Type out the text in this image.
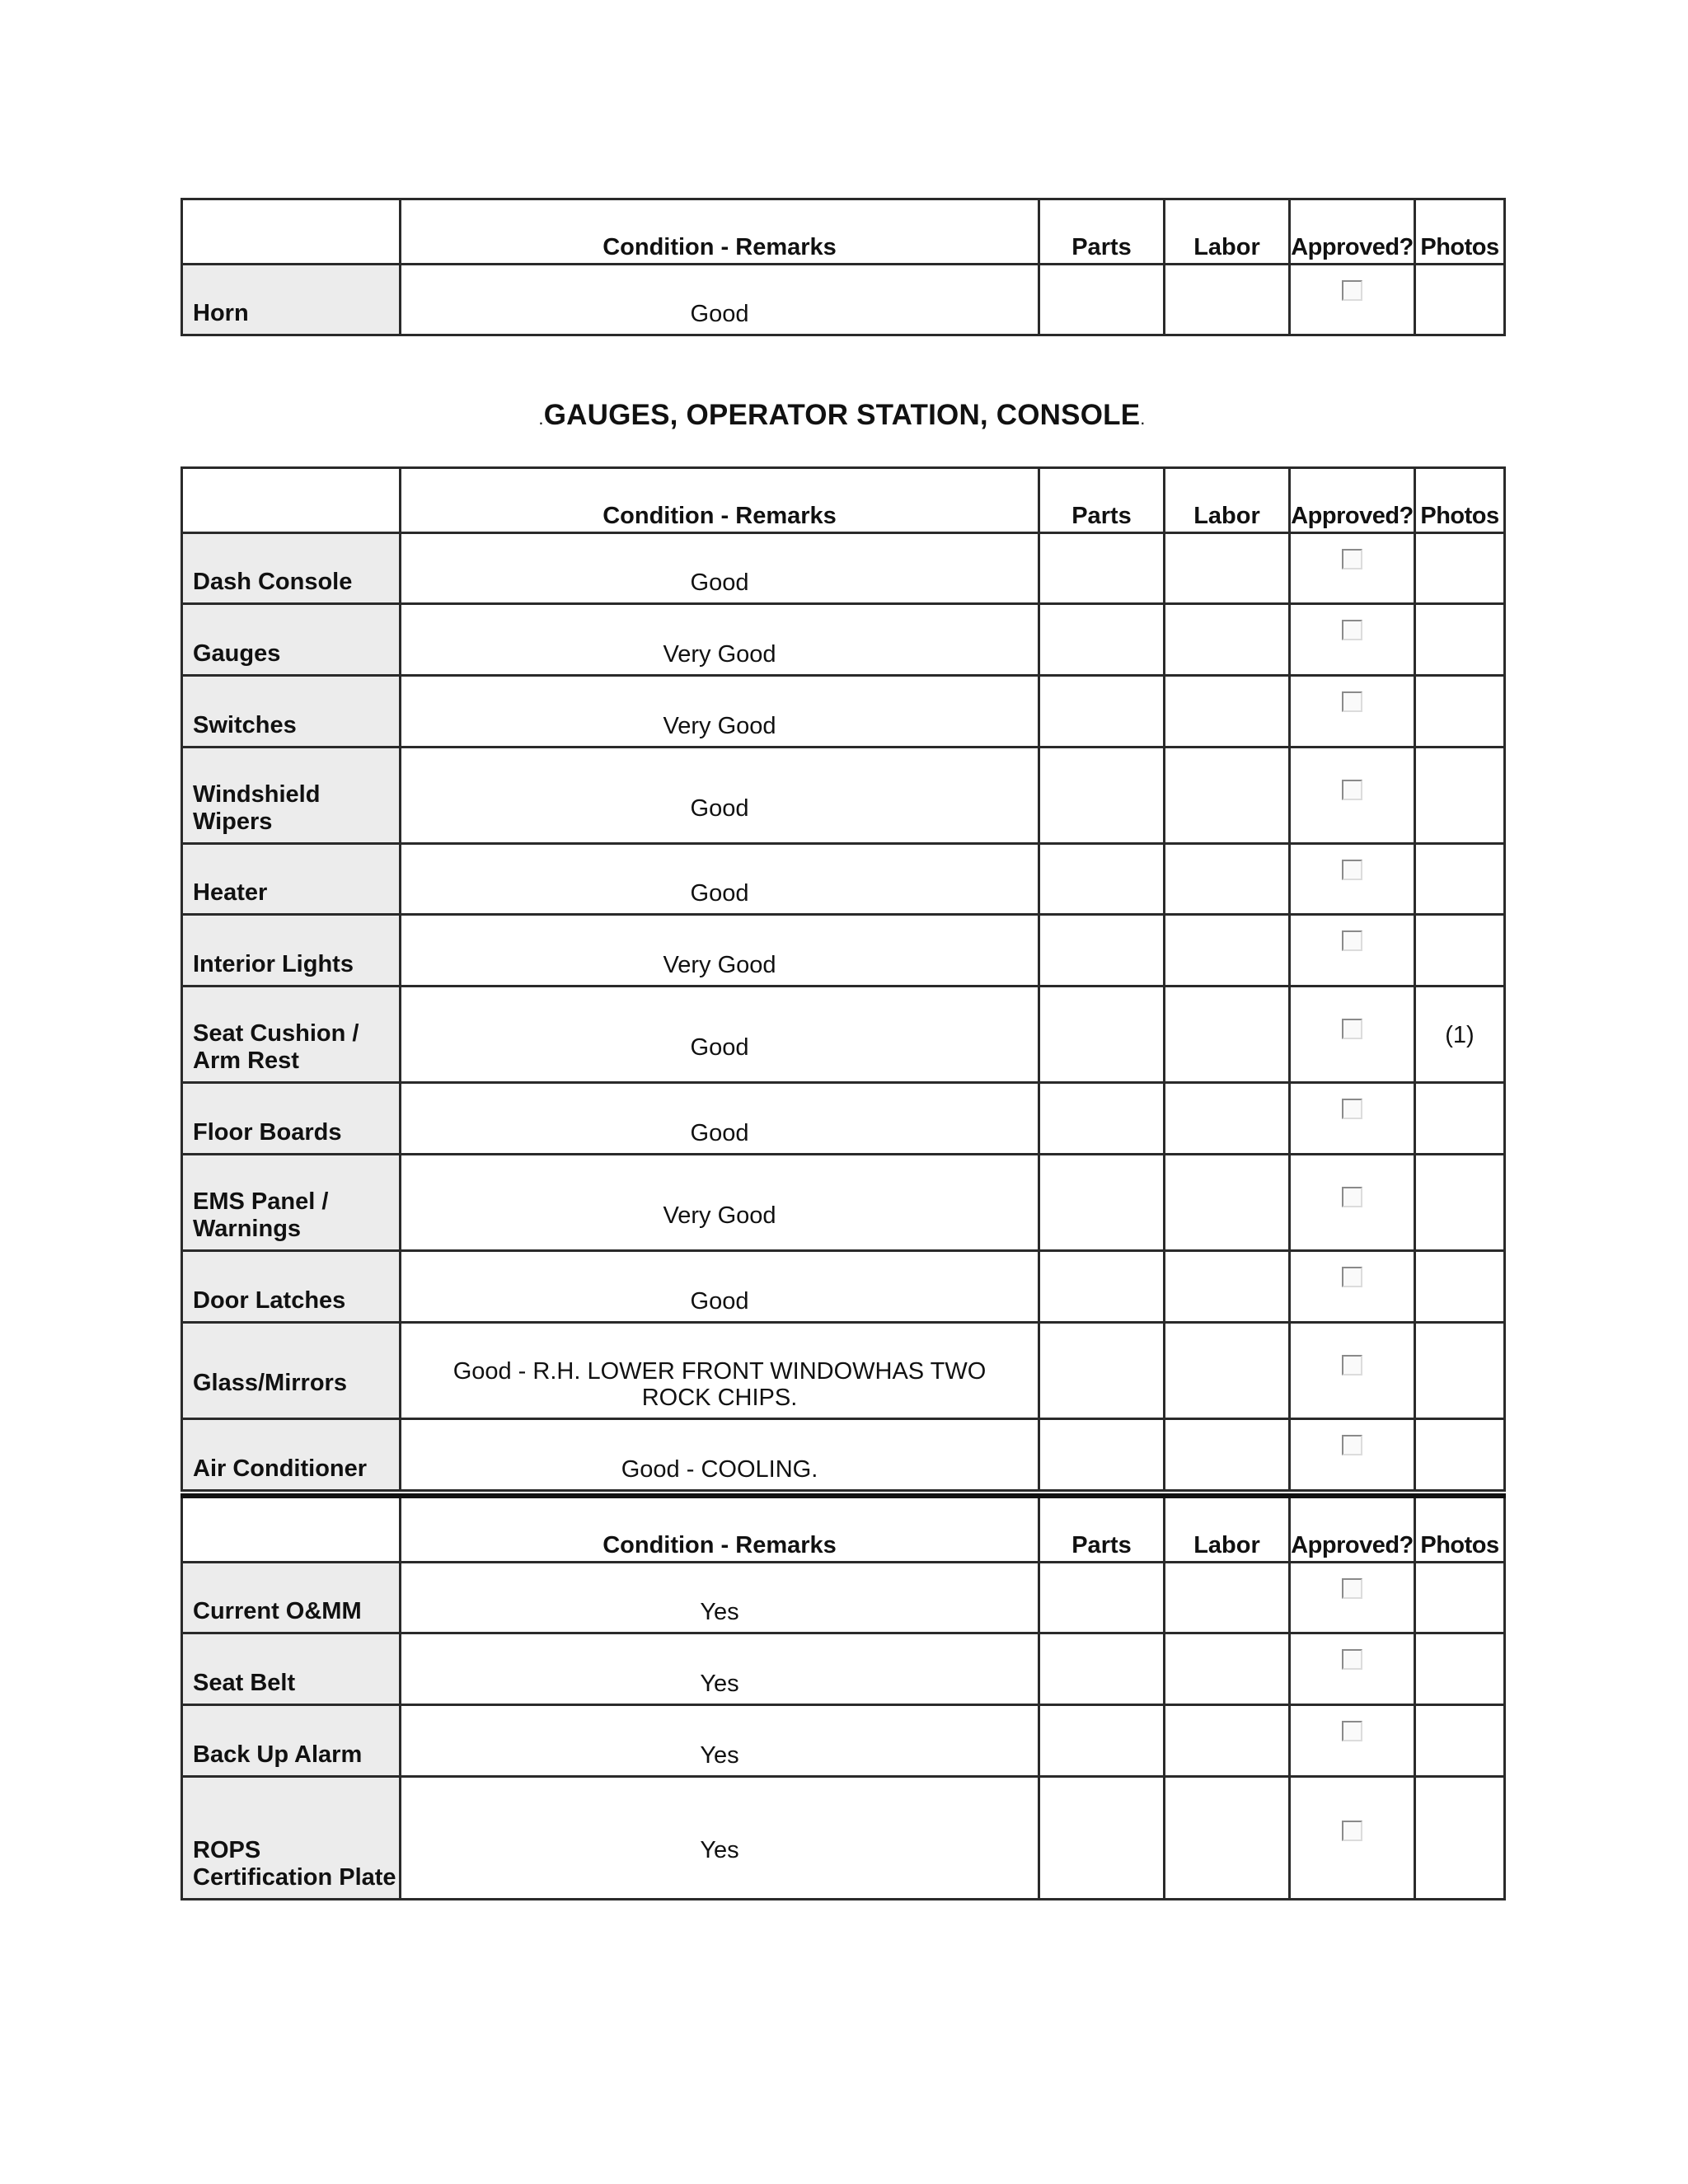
	Condition - Remarks	Parts	Labor	Approved?	Photos
Horn	Good				
.GAUGES, OPERATOR STATION, CONSOLE.
	Condition - Remarks	Parts	Labor	Approved?	Photos
Dash Console	Good				
Gauges	Very Good				
Switches	Very Good				
Windshield Wipers	Good				
Heater	Good				
Interior Lights	Very Good				
Seat Cushion / Arm Rest	Good				(1)
Floor Boards	Good				
EMS Panel / Warnings	Very Good				
Door Latches	Good				
Glass/Mirrors	Good - R.H. LOWER FRONT WINDOWHAS TWO ROCK CHIPS.				
Air Conditioner	Good - COOLING.				
	Condition - Remarks	Parts	Labor	Approved?	Photos
Current O&MM	Yes				
Seat Belt	Yes				
Back Up Alarm	Yes				
ROPS Certification Plate	Yes				
